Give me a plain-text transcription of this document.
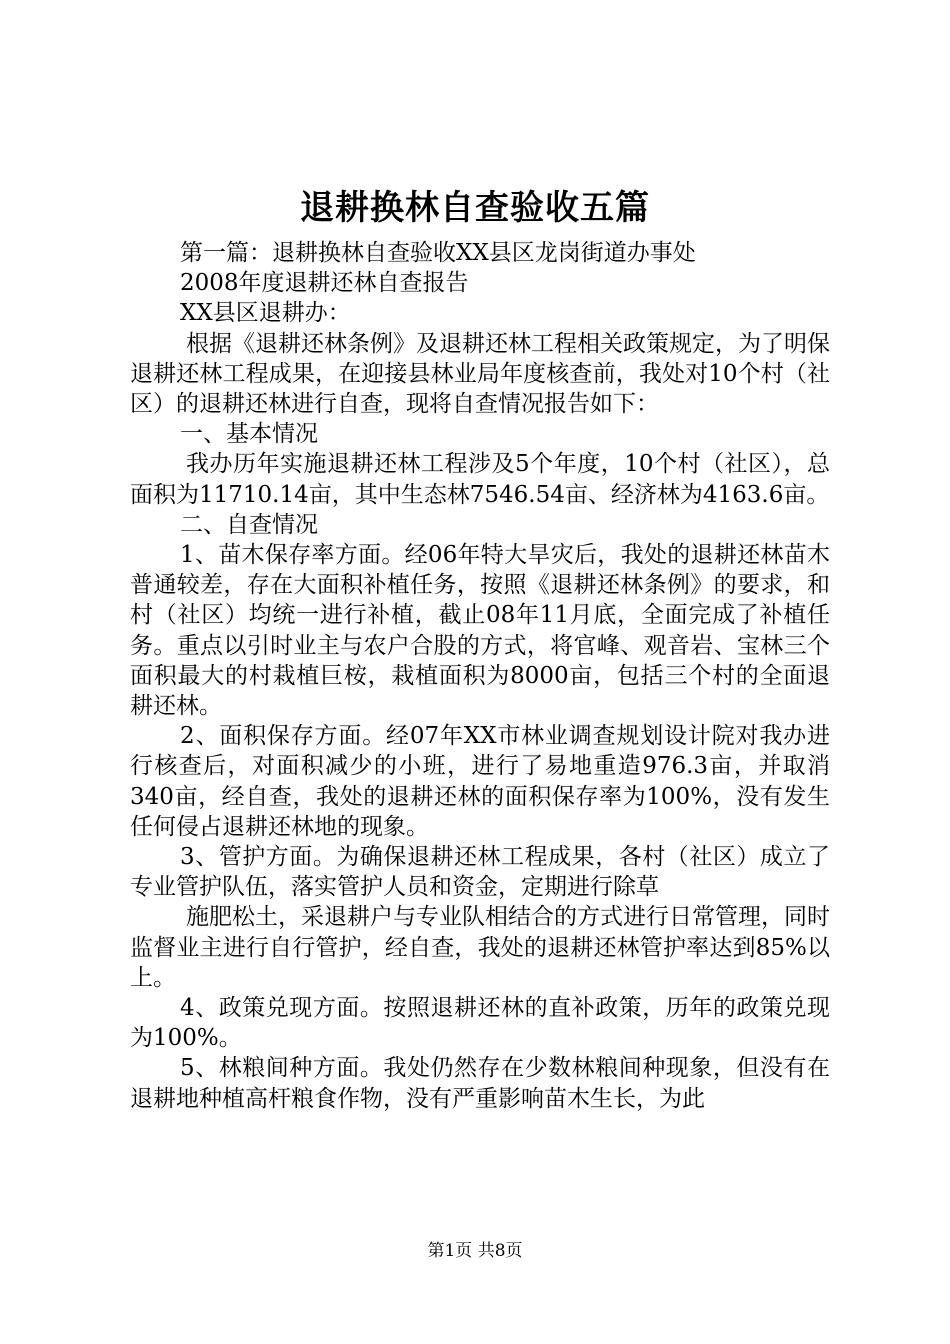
退耕换林自查验收五篇

第一篇：退耕换林自查验收XX县区龙岗街道办事处

2008年度退耕还林自查报告

XX县区退耕办：

根据《退耕还林条例》及退耕还林工程相关政策规定，为了明保退耕还林工程成果，在迎接县林业局年度核查前，我处对10个村（社区）的退耕还林进行自查，现将自查情况报告如下：

一、基本情况

我办历年实施退耕还林工程涉及5个年度，10个村（社区），总面积为11710.14亩，其中生态林7546.54亩、经济林为4163.6亩。

二、自查情况

1、苗木保存率方面。经06年特大旱灾后，我处的退耕还林苗木普通较差，存在大面积补植任务，按照《退耕还林条例》的要求，和村（社区）均统一进行补植，截止08年11月底，全面完成了补植任务。重点以引时业主与农户合股的方式，将官峰、观音岩、宝林三个面积最大的村栽植巨桉，栽植面积为8000亩，包括三个村的全面退耕还林。

2、面积保存方面。经07年XX市林业调查规划设计院对我办进行核查后，对面积减少的小班，进行了易地重造976.3亩，并取消340亩，经自查，我处的退耕还林的面积保存率为100%，没有发生任何侵占退耕还林地的现象。

3、管护方面。为确保退耕还林工程成果，各村（社区）成立了专业管护队伍，落实管护人员和资金，定期进行除草

施肥松土，采退耕户与专业队相结合的方式进行日常管理，同时监督业主进行自行管护，经自查，我处的退耕还林管护率达到85%以上。

4、政策兑现方面。按照退耕还林的直补政策，历年的政策兑现为100%。

5、林粮间种方面。我处仍然存在少数林粮间种现象，但没有在退耕地种植高杆粮食作物，没有严重影响苗木生长，为此

第1页 共8页
